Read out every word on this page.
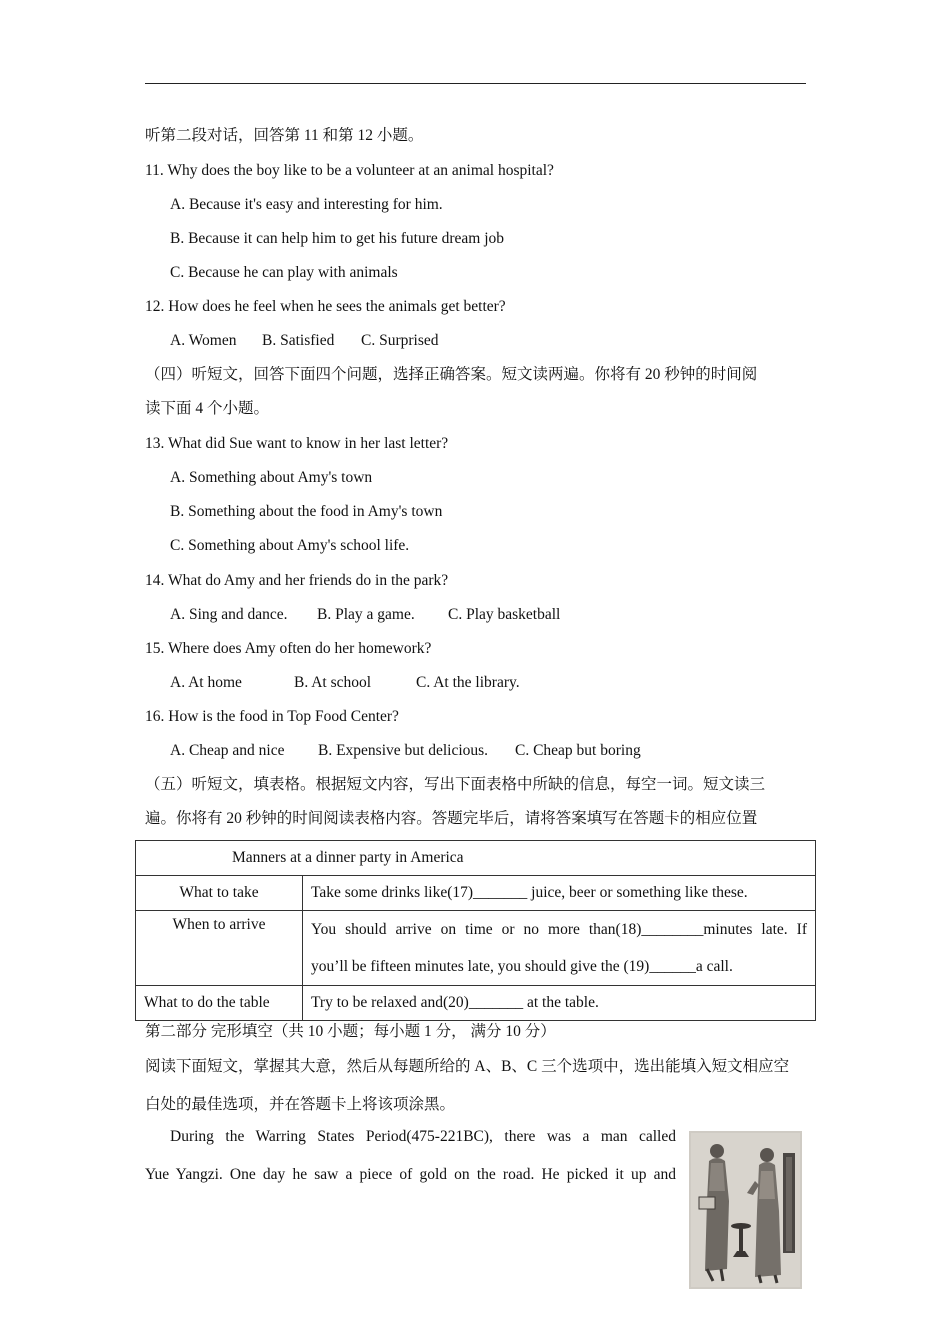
听第二段对话，回答第 11 和第 12 小题。
11. Why does the boy like to be a volunteer at an animal hospital?
A. Because it's easy and interesting for him.
B. Because it can help him to get his future dream job
C. Because he can play with animals
12. How does he feel when he sees the animals get better?
A. Women B. Satisfied C. Surprised
（四）听短文，回答下面四个问题，选择正确答案。短文读两遍。你将有 20 秒钟的时间阅
读下面 4 个小题。
13. What did Sue want to know in her last letter?
A. Something about Amy's town
B. Something about the food in Amy's town
C. Something about Amy's school life.
14. What do Amy and her friends do in the park?
A. Sing and dance. B. Play a game. C. Play basketball
15. Where does Amy often do her homework?
A. At home	B. At school	C. At the library.
16. How is the food in Top Food Center?
A. Cheap and nice B. Expensive but delicious. C. Cheap but boring
（五）听短文，填表格。根据短文内容，写出下面表格中所缺的信息，每空一词。短文读三
遍。你将有 20 秒钟的时间阅读表格内容。答题完毕后，请将答案填写在答题卡的相应位置
Manners at a dinner party in America	
What to take	Take some drinks like(17)_______ juice, beer or something like these.
When to arrive	You should arrive on time or no more than(18)________minutes late. If
you’ll be fifteen minutes late, you should give the (19)______a call.

What to do the table	Try to be relaxed and(20)_______ at the table.
第二部分 完形填空（共 10 小题；每小题 1 分， 满分 10 分）
阅读下面短文，掌握其大意，然后从每题所给的 A、B、C 三个选项中，选出能填入短文相应空
白处的最佳选项，并在答题卡上将该项涂黑。
During the Warring States Period(475-221BC), there was a man called
Yue Yangzi. One day he saw a piece of gold on the road. He picked it up and
